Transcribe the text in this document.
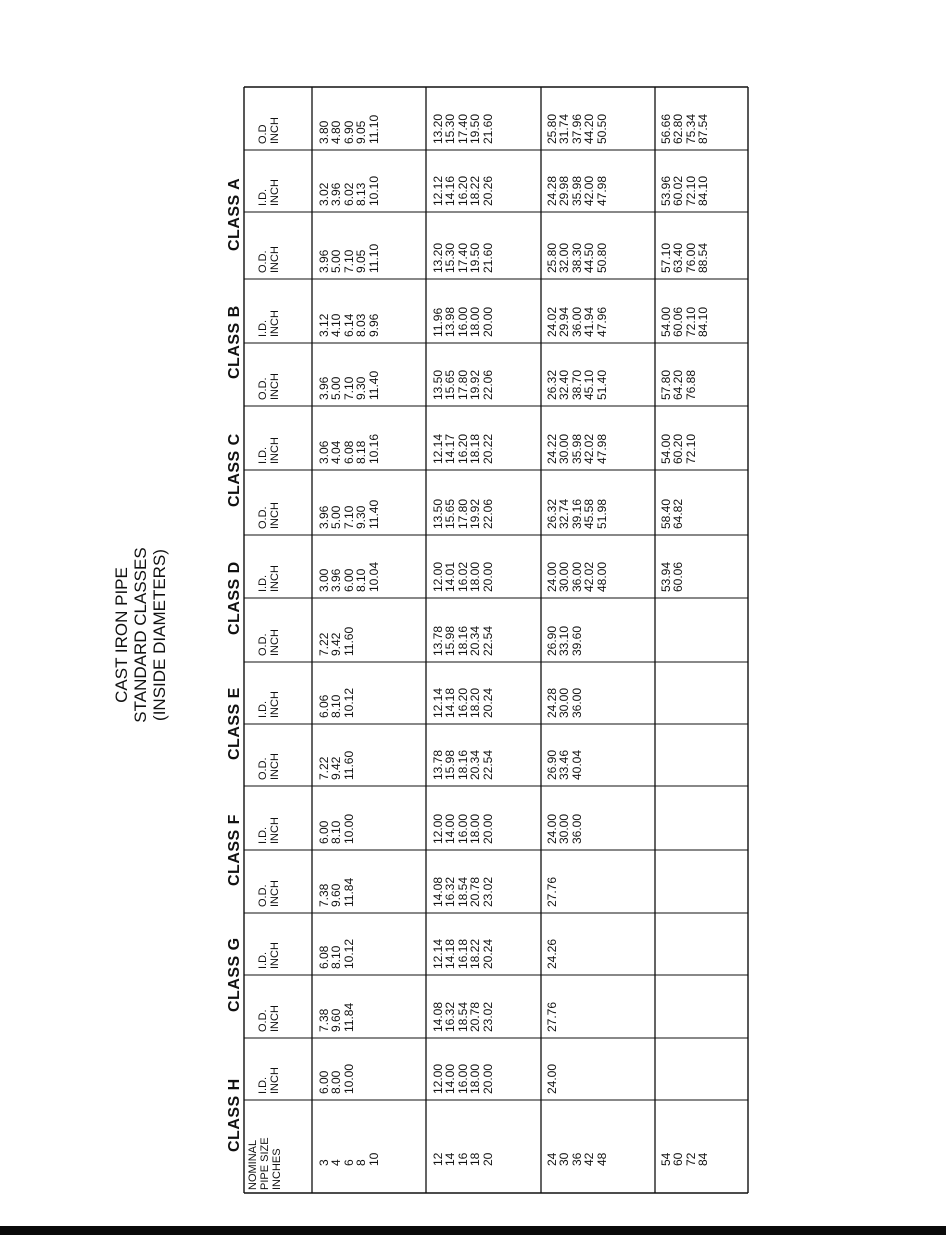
NOMINAL PIPE SIZE INCHES
CLASS A
CLASS B
CLASS C
CLASS D
CLASS E
CLASS F
CLASS G
CLASS H
O.D INCH
I.D. INCH
O.D. INCH
I.D. INCH
O.D. INCH
I.D. INCH
O.D. INCH
I.D. INCH
O.D. INCH
I.D. INCH
O.D. INCH
I.D. INCH
O.D. INCH
I.D. INCH
O.D. INCH
I.D. INCH
3
4
6
8
10
3.80
4.80
6.90
9.05
11.10
3.02
3.96
6.02
8.13
10.10
3.96
5.00
7.10
9.05
11.10
3.12
4.10
6.14
8.03
9.96
3.96
5.00
7.10
9.30
11.40
3.06
4.04
6.08
8.18
10.16
3.96
5.00
7.10
9.30
11.40
3.00
3.96
6.00
8.10
10.04
7.22
9.42
11.60
6.06
8.10
10.12
7.22
9.42
11.60
6.00
8.10
10.00
7.38
9.60
11.84
6.08
8.10
10.12
7.38
9.60
11.84
6.00
8.00
10.00
12
14
16
18
20
13.20
15.30
17.40
19.50
21.60
12.12
14.16
16.20
18.22
20.26
13.20
15.30
17.40
19.50
21.60
11.96
13.98
16.00
18.00
20.00
13.50
15.65
17.80
19.92
22.06
12.14
14.17
16.20
18.18
20.22
13.50
15.65
17.80
19.92
22.06
12.00
14.01
16.02
18.00
20.00
13.78
15.98
18.16
20.34
22.54
12.14
14.18
16.20
18.20
20.24
13.78
15.98
18.16
20.34
22.54
12.00
14.00
16.00
18.00
20.00
14.08
16.32
18.54
20.78
23.02
12.14
14.18
16.18
18.22
20.24
14.08
16.32
18.54
20.78
23.02
12.00
14.00
16.00
18.00
20.00
24
30
36
42
48
25.80
31.74
37.96
44.20
50.50
24.28
29.98
35.98
42.00
47.98
25.80
32.00
38.30
44.50
50.80
24.02
29.94
36.00
41.94
47.96
26.32
32.40
38.70
45.10
51.40
24.22
30.00
35.98
42.02
47.98
26.32
32.74
39.16
45.58
51.98
24.00
30.00
36.00
42.02
48.00
26.90
33.10
39.60
24.28
30.00
36.00
26.90
33.46
40.04
24.00
30.00
36.00
27.76
24.26
27.76
24.00
54
60
72
84
56.66
62.80
75.34
87.54
53.96
60.02
72.10
84.10
57.10
63.40
76.00
88.54
54.00
60.06
72.10
84.10
57.80
64.20
76.88
54.00
60.20
72.10
58.40
64.82
53.94
60.06
CAST IRON PIPE STANDARD CLASSES (INSIDE DIAMETERS)
